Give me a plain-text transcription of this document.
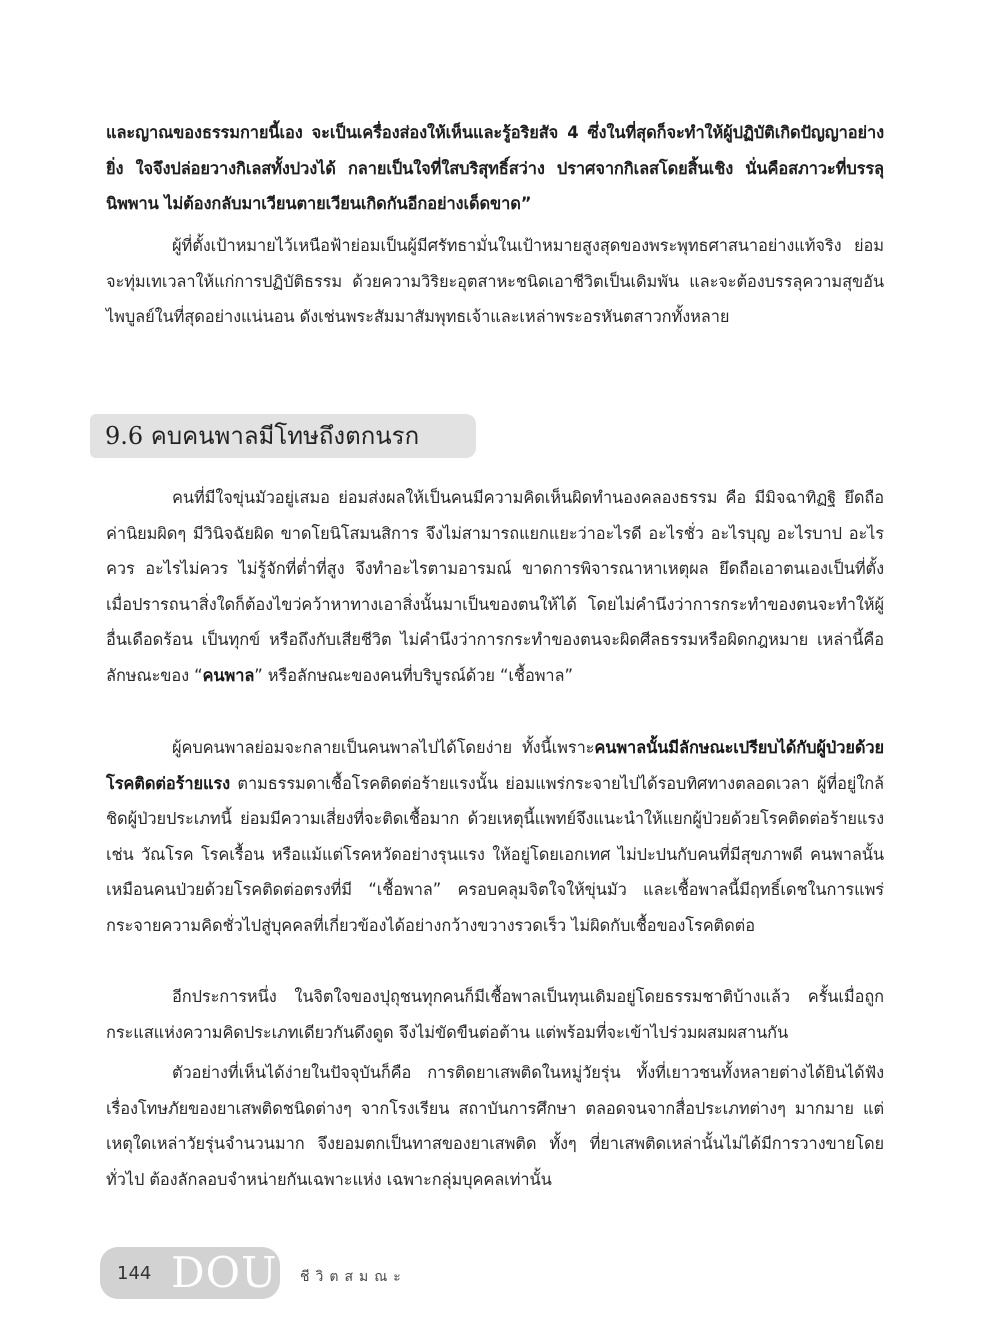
และญาณของธรรมกายนี้เอง จะเป็นเครื่องส่องให้เห็นและรู้อริยสัจ 4 ซึ่งในที่สุดก็จะทำให้ผู้ปฏิบัติเกิดปัญญาอย่างยิ่ง ใจจึงปล่อยวางกิเลสทั้งปวงได้ กลายเป็นใจที่ใสบริสุทธิ์สว่าง ปราศจากกิเลสโดยสิ้นเชิง นั่นคือสภาวะที่บรรลุนิพพาน ไม่ต้องกลับมาเวียนตายเวียนเกิดกันอีกอย่างเด็ดขาด”

ผู้ที่ตั้งเป้าหมายไว้เหนือฟ้าย่อมเป็นผู้มีศรัทธามั่นในเป้าหมายสูงสุดของพระพุทธศาสนาอย่างแท้จริง ย่อมจะทุ่มเทเวลาให้แก่การปฏิบัติธรรม ด้วยความวิริยะอุตสาหะชนิดเอาชีวิตเป็นเดิมพัน และจะต้องบรรลุความสุขอันไพบูลย์ในที่สุดอย่างแน่นอน ดังเช่นพระสัมมาสัมพุทธเจ้าและเหล่าพระอรหันตสาวกทั้งหลาย

9.6 คบคนพาลมีโทษถึงตกนรก

คนที่มีใจขุ่นมัวอยู่เสมอ ย่อมส่งผลให้เป็นคนมีความคิดเห็นผิดทำนองคลองธรรม คือ มีมิจฉาทิฏฐิ ยึดถือค่านิยมผิดๆ มีวินิจฉัยผิด ขาดโยนิโสมนสิการ จึงไม่สามารถแยกแยะว่าอะไรดี อะไรชั่ว อะไรบุญ อะไรบาป อะไรควร อะไรไม่ควร ไม่รู้จักที่ต่ำที่สูง จึงทำอะไรตามอารมณ์ ขาดการพิจารณาหาเหตุผล ยึดถือเอาตนเองเป็นที่ตั้ง เมื่อปรารถนาสิ่งใดก็ต้องไขว่คว้าหาทางเอาสิ่งนั้นมาเป็นของตนให้ได้ โดยไม่คำนึงว่าการกระทำของตนจะทำให้ผู้อื่นเดือดร้อน เป็นทุกข์ หรือถึงกับเสียชีวิต ไม่คำนึงว่าการกระทำของตนจะผิดศีลธรรมหรือผิดกฎหมาย เหล่านี้คือลักษณะของ “คนพาล” หรือลักษณะของคนที่บริบูรณ์ด้วย “เชื้อพาล”

ผู้คบคนพาลย่อมจะกลายเป็นคนพาลไปได้โดยง่าย ทั้งนี้เพราะคนพาลนั้นมีลักษณะเปรียบได้กับผู้ป่วยด้วยโรคติดต่อร้ายแรง ตามธรรมดาเชื้อโรคติดต่อร้ายแรงนั้น ย่อมแพร่กระจายไปได้รอบทิศทางตลอดเวลา ผู้ที่อยู่ใกล้ชิดผู้ป่วยประเภทนี้ ย่อมมีความเสี่ยงที่จะติดเชื้อมาก ด้วยเหตุนี้แพทย์จึงแนะนำให้แยกผู้ป่วยด้วยโรคติดต่อร้ายแรง เช่น วัณโรค โรคเรื้อน หรือแม้แต่โรคหวัดอย่างรุนแรง ให้อยู่โดยเอกเทศ ไม่ปะปนกับคนที่มีสุขภาพดี คนพาลนั้นเหมือนคนป่วยด้วยโรคติดต่อตรงที่มี “เชื้อพาล” ครอบคลุมจิตใจให้ขุ่นมัว และเชื้อพาลนี้มีฤทธิ์เดชในการแพร่กระจายความคิดชั่วไปสู่บุคคลที่เกี่ยวข้องได้อย่างกว้างขวางรวดเร็ว ไม่ผิดกับเชื้อของโรคติดต่อ

อีกประการหนึ่ง ในจิตใจของปุถุชนทุกคนก็มีเชื้อพาลเป็นทุนเดิมอยู่โดยธรรมชาติบ้างแล้ว ครั้นเมื่อถูกกระแสแห่งความคิดประเภทเดียวกันดึงดูด จึงไม่ขัดขืนต่อต้าน แต่พร้อมที่จะเข้าไปร่วมผสมผสานกัน

ตัวอย่างที่เห็นได้ง่ายในปัจจุบันก็คือ การติดยาเสพติดในหมู่วัยรุ่น ทั้งที่เยาวชนทั้งหลายต่างได้ยินได้ฟังเรื่องโทษภัยของยาเสพติดชนิดต่างๆ จากโรงเรียน สถาบันการศึกษา ตลอดจนจากสื่อประเภทต่างๆ มากมาย แต่เหตุใดเหล่าวัยรุ่นจำนวนมาก จึงยอมตกเป็นทาสของยาเสพติด ทั้งๆ ที่ยาเสพติดเหล่านั้นไม่ได้มีการวางขายโดยทั่วไป ต้องลักลอบจำหน่ายกันเฉพาะแห่ง เฉพาะกลุ่มบุคคลเท่านั้น

144 DOU ชีวิตสมณะ
